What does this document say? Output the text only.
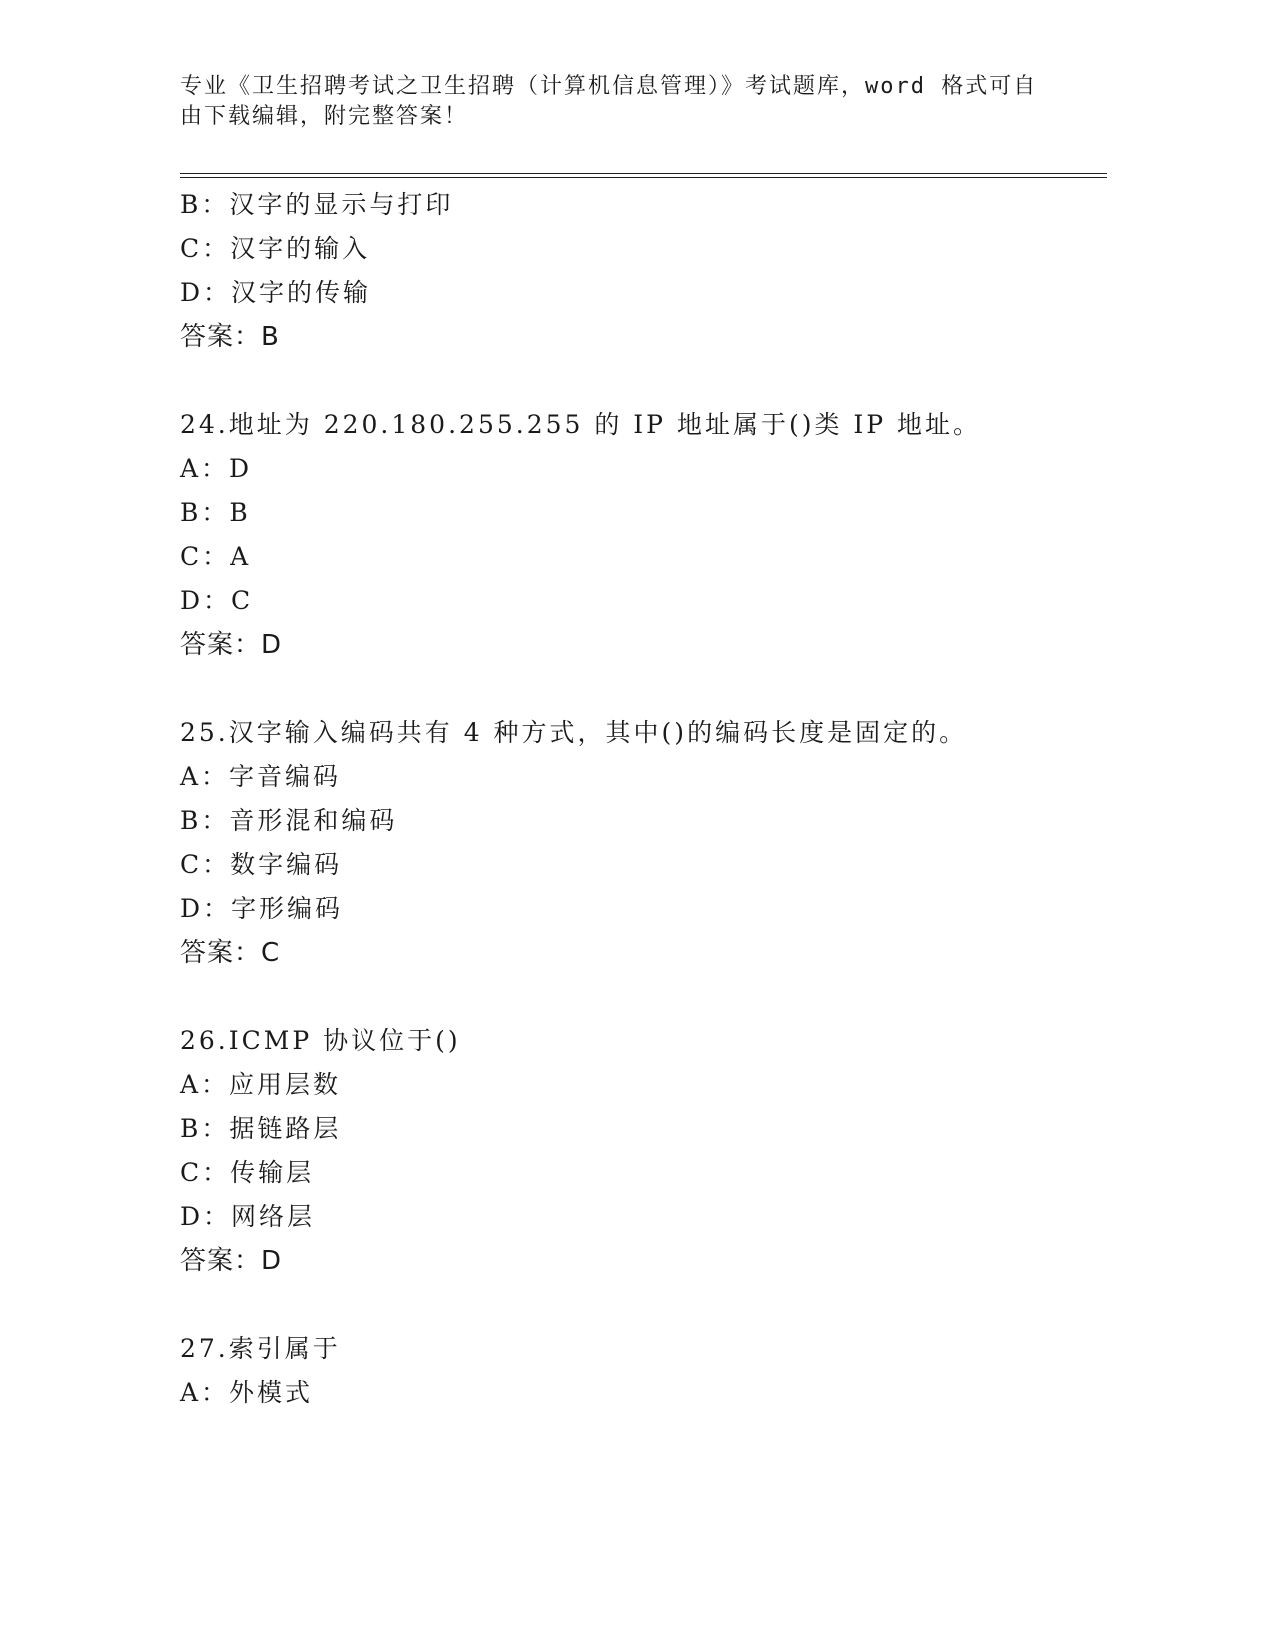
专业《卫生招聘考试之卫生招聘（计算机信息管理）》考试题库，word 格式可自
由下载编辑，附完整答案！
B：汉字的显示与打印
C：汉字的输入
D：汉字的传输
答案：B
24.地址为 220.180.255.255 的 IP 地址属于()类 IP 地址。
A：D
B：B
C：A
D：C
答案：D
25.汉字输入编码共有 4 种方式，其中()的编码长度是固定的。
A：字音编码
B：音形混和编码
C：数字编码
D：字形编码
答案：C
26.ICMP 协议位于()
A：应用层数
B：据链路层
C：传输层
D：网络层
答案：D
27.索引属于
A：外模式
